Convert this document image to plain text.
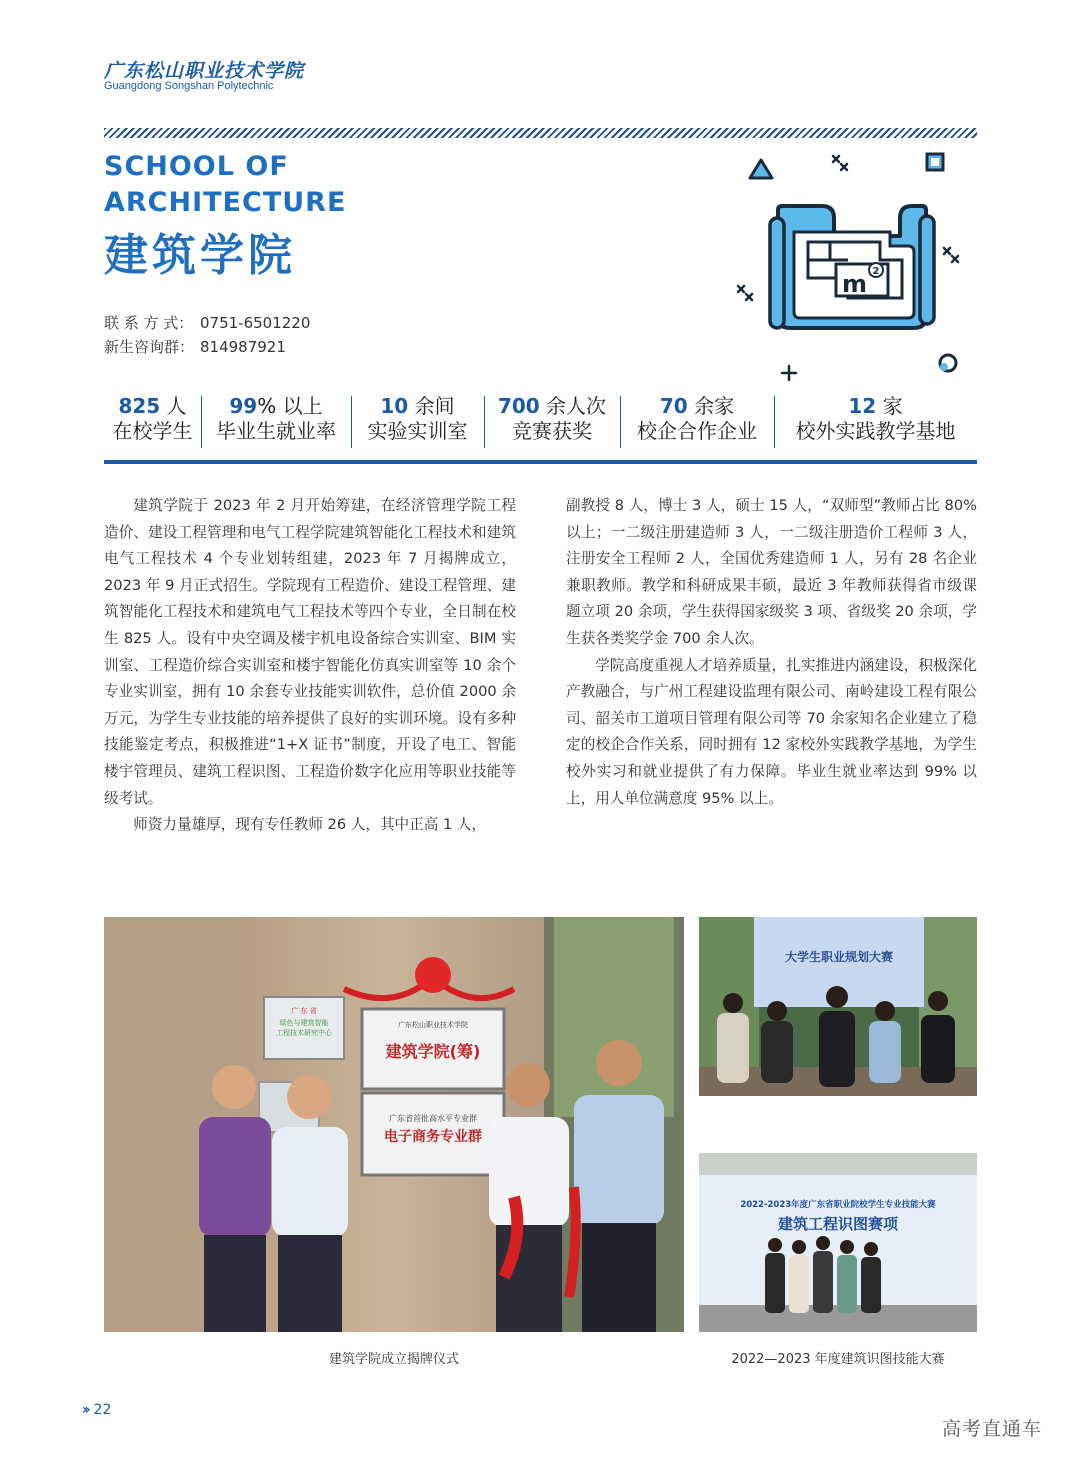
广东松山职业技术学院
Guangdong Songshan Polytechnic
SCHOOL OF
ARCHITECTURE
建筑学院
联 系 方 式： 0751-6501220
新生咨询群： 814987921
m 2
825 人
在校学生
99% 以上
毕业生就业率
10 余间
实验实训室
700 余人次
竞赛获奖
70 余家
校企合作企业
12 家
校外实践教学基地

建筑学院于 2023 年 2 月开始筹建，在经济管理学院工程造价、建设工程管理和电气工程学院建筑智能化工程技术和建筑电气工程技术 4 个专业划转组建，2023 年 7 月揭牌成立，2023 年 9 月正式招生。学院现有工程造价、建设工程管理、建筑智能化工程技术和建筑电气工程技术等四个专业，全日制在校生 825 人。设有中央空调及楼宇机电设备综合实训室、BIM 实训室、工程造价综合实训室和楼宇智能化仿真实训室等 10 余个专业实训室，拥有 10 余套专业技能实训软件，总价值 2000 余万元，为学生专业技能的培养提供了良好的实训环境。设有多种技能鉴定考点，积极推进“1+X 证书”制度，开设了电工、智能楼宇管理员、建筑工程识图、工程造价数字化应用等职业技能等级考试。

师资力量雄厚，现有专任教师 26 人，其中正高 1 人，

副教授 8 人，博士 3 人，硕士 15 人，“双师型”教师占比 80% 以上；一二级注册建造师 3 人，一二级注册造价工程师 3 人，注册安全工程师 2 人，全国优秀建造师 1 人，另有 28 名企业兼职教师。教学和科研成果丰硕，最近 3 年教师获得省市级课题立项 20 余项，学生获得国家级奖 3 项、省级奖 20 余项，学生获各类奖学金 700 余人次。

学院高度重视人才培养质量，扎实推进内涵建设，积极深化产教融合，与广州工程建设监理有限公司、南岭建设工程有限公司、韶关市工道项目管理有限公司等 70 余家知名企业建立了稳定的校企合作关系，同时拥有 12 家校外实践教学基地，为学生校外实习和就业提供了有力保障。毕业生就业率达到 99% 以上，用人单位满意度 95% 以上。

广 东 省
绿色与建筑智能
工程技术研究中心
广东松山职业技术学院
建筑学院(筹)
广东省首批高水平专业群
电子商务专业群
大学生职业规划大赛
2022-2023年度广东省职业院校学生专业技能大赛
建筑工程识图赛项
建筑学院成立揭牌仪式	2022—2023 年度建筑识图技能大赛
›› 22
高考直通车
